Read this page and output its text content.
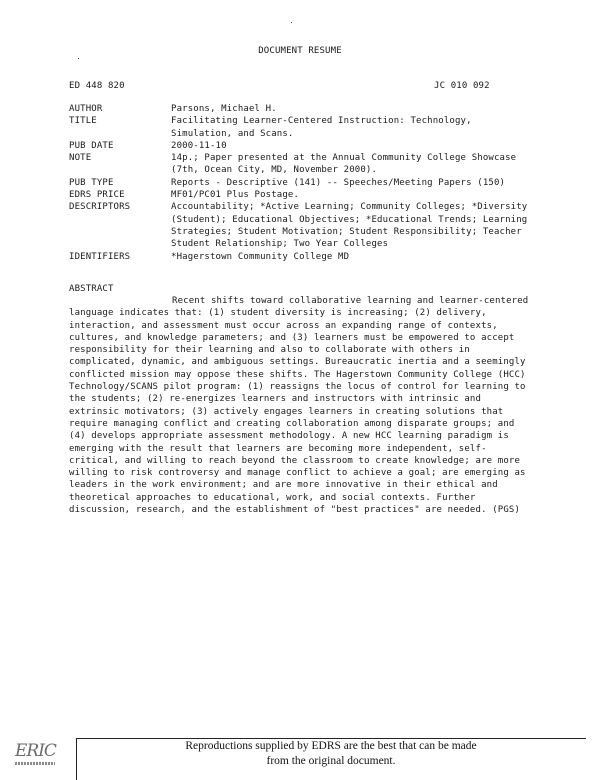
DOCUMENT RESUME
ED 448 820	JC 010 092
AUTHOR	Parsons, Michael H.
TITLE	Facilitating Learner-Centered Instruction: Technology, Simulation, and Scans.
PUB DATE	2000-11-10
NOTE	14p.; Paper presented at the Annual Community College Showcase (7th, Ocean City, MD, November 2000).
PUB TYPE	Reports - Descriptive (141) -- Speeches/Meeting Papers (150)
EDRS PRICE	MF01/PC01 Plus Postage.
DESCRIPTORS	Accountability; *Active Learning; Community Colleges; *Diversity (Student); Educational Objectives; *Educational Trends; Learning Strategies; Student Motivation; Student Responsibility; Teacher Student Relationship; Two Year Colleges
IDENTIFIERS	*Hagerstown Community College MD
ABSTRACT
Recent shifts toward collaborative learning and learner-centered language indicates that: (1) student diversity is increasing; (2) delivery, interaction, and assessment must occur across an expanding range of contexts, cultures, and knowledge parameters; and (3) learners must be empowered to accept responsibility for their learning and also to collaborate with others in complicated, dynamic, and ambiguous settings. Bureaucratic inertia and a seemingly conflicted mission may oppose these shifts. The Hagerstown Community College (HCC) Technology/SCANS pilot program: (1) reassigns the locus of control for learning to the students; (2) re-energizes learners and instructors with intrinsic and extrinsic motivators; (3) actively engages learners in creating solutions that require managing conflict and creating collaboration among disparate groups; and (4) develops appropriate assessment methodology. A new HCC learning paradigm is emerging with the result that learners are becoming more independent, self-critical, and willing to reach beyond the classroom to create knowledge; are more willing to risk controversy and manage conflict to achieve a goal; are emerging as leaders in the work environment; and are more innovative in their ethical and theoretical approaches to educational, work, and social contexts. Further discussion, research, and the establishment of "best practices" are needed. (PGS)
ERIC	Reproductions supplied by EDRS are the best that can be made
from the original document.
